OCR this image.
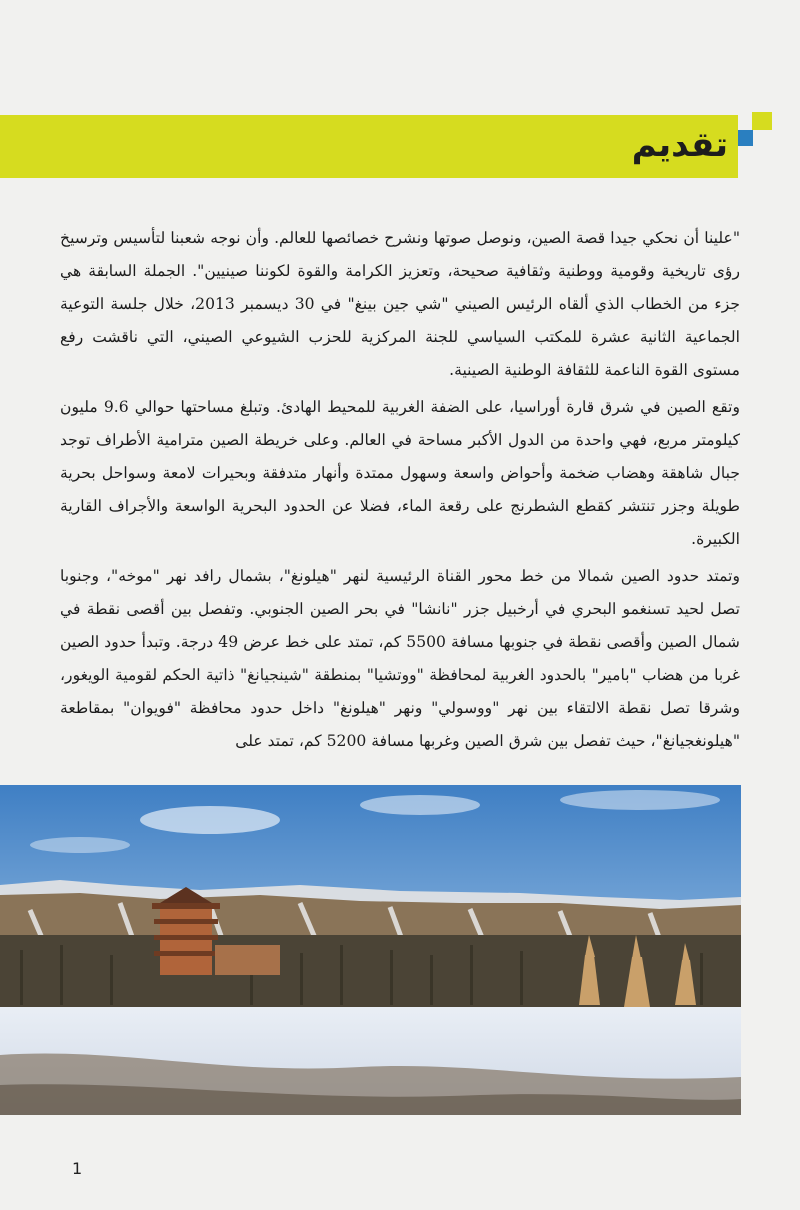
تقديم

"علينا أن نحكي جيدا قصة الصين، ونوصل صوتها ونشرح خصائصها للعالم. وأن نوجه شعبنا لتأسيس وترسيخ رؤى تاريخية وقومية ووطنية وثقافية صحيحة، وتعزيز الكرامة والقوة لكوننا صينيين". الجملة السابقة هي جزء من الخطاب الذي ألقاه الرئيس الصيني "شي جين بينغ" في 30 ديسمبر 2013، خلال جلسة التوعية الجماعية الثانية عشرة للمكتب السياسي للجنة المركزية للحزب الشيوعي الصيني، التي ناقشت رفع مستوى القوة الناعمة للثقافة الوطنية الصينية.

وتقع الصين في شرق قارة أوراسيا، على الضفة الغربية للمحيط الهادئ. وتبلغ مساحتها حوالي 9.6 مليون كيلومتر مربع، فهي واحدة من الدول الأكبر مساحة في العالم. وعلى خريطة الصين مترامية الأطراف توجد جبال شاهقة وهضاب ضخمة وأحواض واسعة وسهول ممتدة وأنهار متدفقة وبحيرات لامعة وسواحل بحرية طويلة وجزر تنتشر كقطع الشطرنج على رقعة الماء، فضلا عن الحدود البحرية الواسعة والأجراف القارية الكبيرة.

وتمتد حدود الصين شمالا من خط محور القناة الرئيسية لنهر "هيلونغ"، بشمال رافد نهر "موخه"، وجنوبا تصل لحيد تسنغمو البحري في أرخبيل جزر "نانشا" في بحر الصين الجنوبي. وتفصل بين أقصى نقطة في شمال الصين وأقصى نقطة في جنوبها مسافة 5500 كم، تمتد على خط عرض 49 درجة. وتبدأ حدود الصين غربا من هضاب "بامير" بالحدود الغربية لمحافظة "ووتشيا" بمنطقة "شينجيانغ" ذاتية الحكم لقومية الويغور، وشرقا تصل نقطة الالتقاء بين نهر "ووسولي" ونهر "هيلونغ" داخل حدود محافظة "فويوان" بمقاطعة "هيلونغجيانغ"، حيث تفصل بين شرق الصين وغربها مسافة 5200 كم، تمتد على

1
